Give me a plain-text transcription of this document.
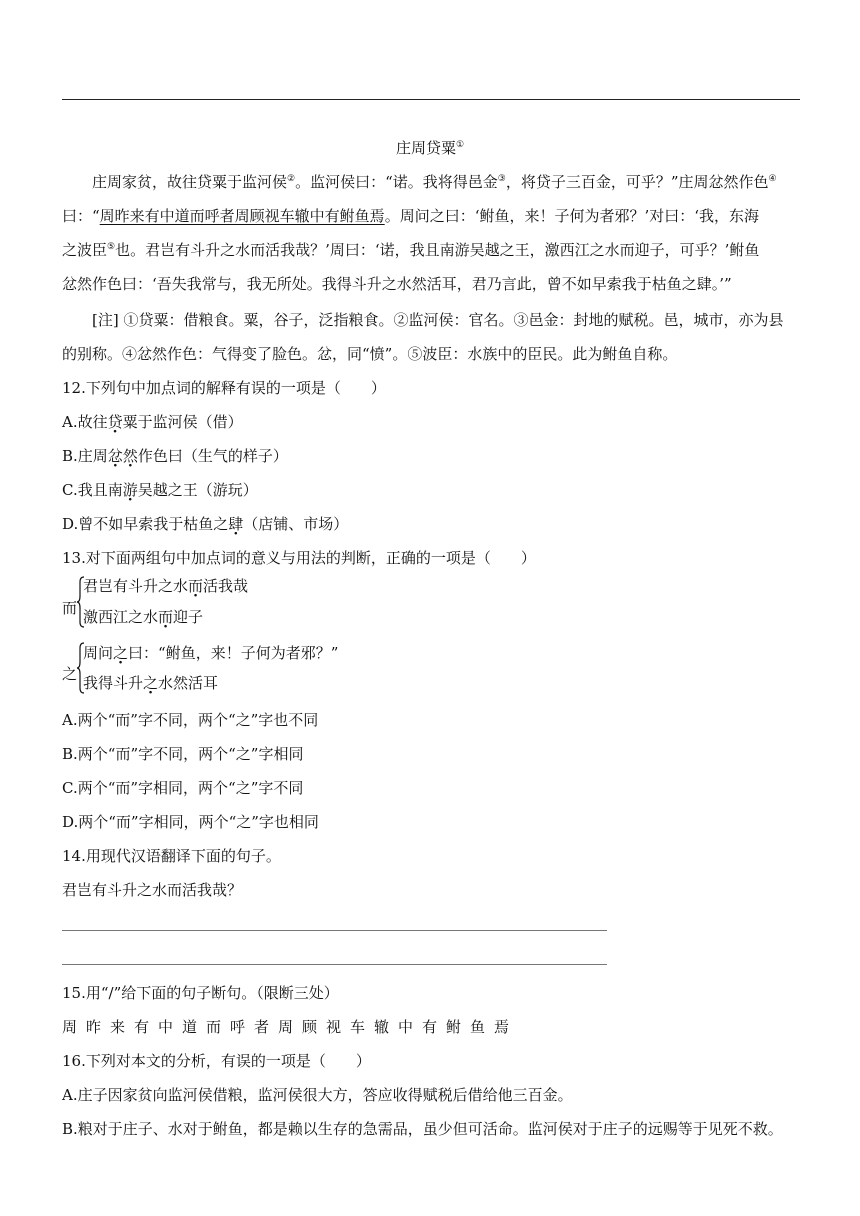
庄周贷粟①
庄周家贫，故往贷粟于监河侯②。监河侯曰：“诺。我将得邑金③，将贷子三百金，可乎？”庄周忿然作色④
曰：“周昨来有中道而呼者周顾视车辙中有鲋鱼焉。周问之曰：‘鲋鱼，来！子何为者邪？’对曰：‘我，东海
之波臣⑤也。君岂有斗升之水而活我哉？’周曰：‘诺，我且南游吴越之王，激西江之水而迎子，可乎？’鲋鱼
忿然作色曰：‘吾失我常与，我无所处。我得斗升之水然活耳，君乃言此，曾不如早索我于枯鱼之肆。’”
[注] ①贷粟：借粮食。粟，谷子，泛指粮食。②监河侯：官名。③邑金：封地的赋税。邑，城市，亦为县
的别称。④忿然作色：气得变了脸色。忿，同“愤”。⑤波臣：水族中的臣民。此为鲋鱼自称。
12.下列句中加点词的解释有误的一项是（　　）
A.故往贷粟于监河侯（借）
B.庄周忿然作色曰（生气的样子）
C.我且南游吴越之王（游玩）
D.曾不如早索我于枯鱼之肆（店铺、市场）
13.对下面两组句中加点词的意义与用法的判断，正确的一项是（　　）
而
君岂有斗升之水而活我哉
激西江之水而迎子
之
周问之曰：“鲋鱼，来！子何为者邪？”
我得斗升之水然活耳
A.两个“而”字不同，两个“之”字也不同
B.两个“而”字不同，两个“之”字相同
C.两个“而”字相同，两个“之”字不同
D.两个“而”字相同，两个“之”字也相同
14.用现代汉语翻译下面的句子。
君岂有斗升之水而活我哉？
15.用“/”给下面的句子断句。（限断三处）
周昨来有中道而呼者周顾视车辙中有鲋鱼焉
16.下列对本文的分析，有误的一项是（　　）
A.庄子因家贫向监河侯借粮，监河侯很大方，答应收得赋税后借给他三百金。
B.粮对于庄子、水对于鲋鱼，都是赖以生存的急需品，虽少但可活命。监河侯对于庄子的远赐等于见死不救。
